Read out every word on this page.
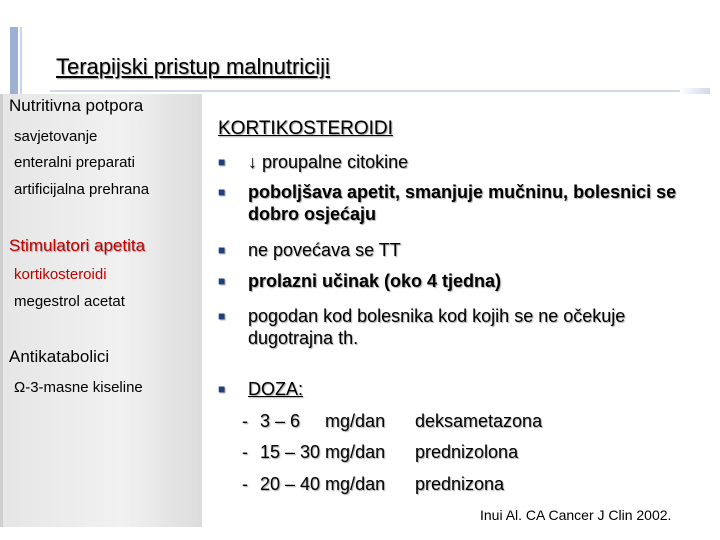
Terapijski pristup malnutriciji
Nutritivna potpora
savjetovanje
enteralni preparati
artificijalna prehrana
Stimulatori apetita
kortikosteroidi
megestrol acetat
Antikatabolici
Ω-3-masne kiseline
KORTIKOSTEROIDI
■ ↓ proupalne citokine
■ poboljšava apetit, smanjuje mučninu, bolesnici se dobro osjećaju
■ ne povećava se TT
■ prolazni učinak (oko 4 tjedna)
■ pogodan kod bolesnika kod kojih se ne očekuje dugotrajna th.
■ DOZA:
- 3 – 6     mg/dan deksametazona
- 15 – 30 mg/dan prednizolona
- 20 – 40 mg/dan prednizona
Inui Al. CA Cancer J Clin 2002.
